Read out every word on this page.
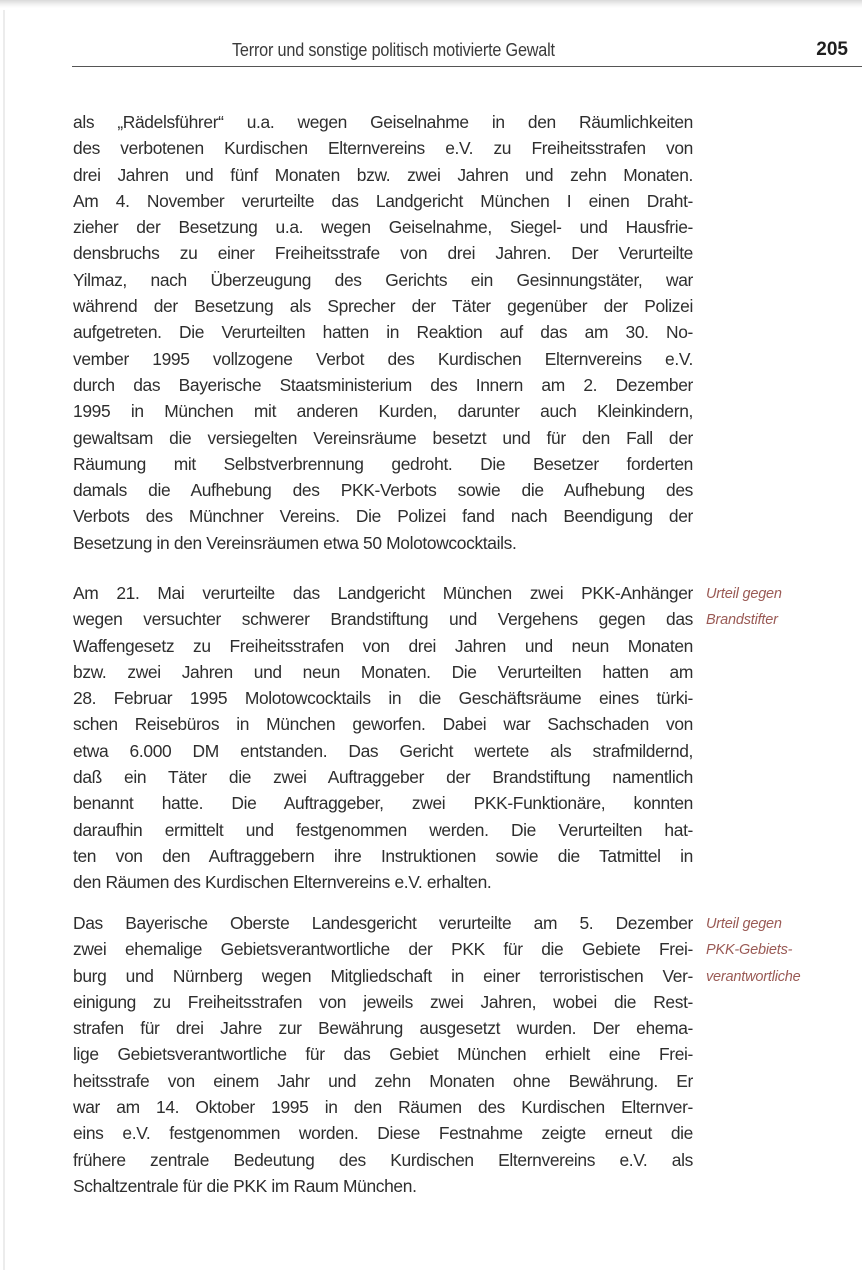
Terror und sonstige politisch motivierte Gewalt	205
als „Rädelsführer“ u.a. wegen Geiselnahme in den Räumlichkeiten
des verbotenen Kurdischen Elternvereins e.V. zu Freiheitsstrafen von
drei Jahren und fünf Monaten bzw. zwei Jahren und zehn Monaten.
Am 4. November verurteilte das Landgericht München I einen Draht-
zieher der Besetzung u.a. wegen Geiselnahme, Siegel- und Hausfrie-
densbruchs zu einer Freiheitsstrafe von drei Jahren. Der Verurteilte
Yilmaz, nach Überzeugung des Gerichts ein Gesinnungstäter, war
während der Besetzung als Sprecher der Täter gegenüber der Polizei
aufgetreten. Die Verurteilten hatten in Reaktion auf das am 30. No-
vember 1995 vollzogene Verbot des Kurdischen Elternvereins e.V.
durch das Bayerische Staatsministerium des Innern am 2. Dezember
1995 in München mit anderen Kurden, darunter auch Kleinkindern,
gewaltsam die versiegelten Vereinsräume besetzt und für den Fall der
Räumung mit Selbstverbrennung gedroht. Die Besetzer forderten
damals die Aufhebung des PKK-Verbots sowie die Aufhebung des
Verbots des Münchner Vereins. Die Polizei fand nach Beendigung der
Besetzung in den Vereinsräumen etwa 50 Molotowcocktails.
Am 21. Mai verurteilte das Landgericht München zwei PKK-Anhänger
wegen versuchter schwerer Brandstiftung und Vergehens gegen das
Waffengesetz zu Freiheitsstrafen von drei Jahren und neun Monaten
bzw. zwei Jahren und neun Monaten. Die Verurteilten hatten am
28. Februar 1995 Molotowcocktails in die Geschäftsräume eines türki-
schen Reisebüros in München geworfen. Dabei war Sachschaden von
etwa 6.000 DM entstanden. Das Gericht wertete als strafmildernd,
daß ein Täter die zwei Auftraggeber der Brandstiftung namentlich
benannt hatte. Die Auftraggeber, zwei PKK-Funktionäre, konnten
daraufhin ermittelt und festgenommen werden. Die Verurteilten hat-
ten von den Auftraggebern ihre Instruktionen sowie die Tatmittel in
den Räumen des Kurdischen Elternvereins e.V. erhalten.
Urteil gegen
Brandstifter
Das Bayerische Oberste Landesgericht verurteilte am 5. Dezember
zwei ehemalige Gebietsverantwortliche der PKK für die Gebiete Frei-
burg und Nürnberg wegen Mitgliedschaft in einer terroristischen Ver-
einigung zu Freiheitsstrafen von jeweils zwei Jahren, wobei die Rest-
strafen für drei Jahre zur Bewährung ausgesetzt wurden. Der ehema-
lige Gebietsverantwortliche für das Gebiet München erhielt eine Frei-
heitsstrafe von einem Jahr und zehn Monaten ohne Bewährung. Er
war am 14. Oktober 1995 in den Räumen des Kurdischen Elternver-
eins e.V. festgenommen worden. Diese Festnahme zeigte erneut die
frühere zentrale Bedeutung des Kurdischen Elternvereins e.V. als
Schaltzentrale für die PKK im Raum München.
Urteil gegen
PKK-Gebiets-
verantwortliche
